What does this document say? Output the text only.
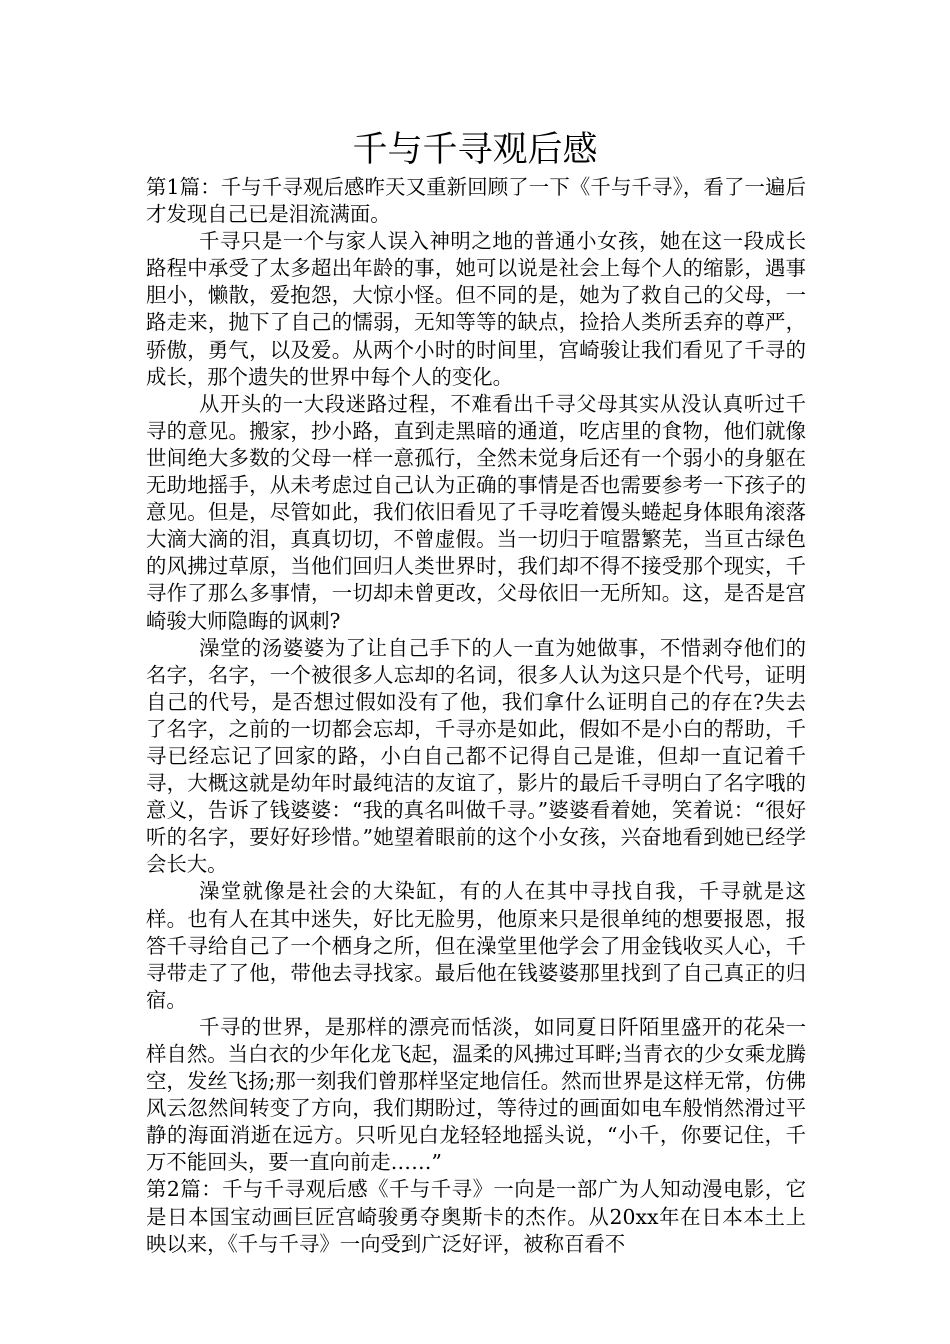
千与千寻观后感

第1篇：千与千寻观后感昨天又重新回顾了一下《千与千寻》，看了一遍后才发现自己已是泪流满面。

千寻只是一个与家人误入神明之地的普通小女孩，她在这一段成长路程中承受了太多超出年龄的事，她可以说是社会上每个人的缩影，遇事胆小，懒散，爱抱怨，大惊小怪。但不同的是，她为了救自己的父母，一路走来，抛下了自己的懦弱，无知等等的缺点，捡拾人类所丢弃的尊严，骄傲，勇气，以及爱。从两个小时的时间里，宫崎骏让我们看见了千寻的成长，那个遗失的世界中每个人的变化。

从开头的一大段迷路过程，不难看出千寻父母其实从没认真听过千寻的意见。搬家，抄小路，直到走黑暗的通道，吃店里的食物，他们就像世间绝大多数的父母一样一意孤行，全然未觉身后还有一个弱小的身躯在无助地摇手，从未考虑过自己认为正确的事情是否也需要参考一下孩子的意见。但是，尽管如此，我们依旧看见了千寻吃着馒头蜷起身体眼角滚落大滴大滴的泪，真真切切，不曾虚假。当一切归于喧嚣繁芜，当亘古绿色的风拂过草原，当他们回归人类世界时，我们却不得不接受那个现实，千寻作了那么多事情，一切却未曾更改，父母依旧一无所知。这，是否是宫崎骏大师隐晦的讽刺?

澡堂的汤婆婆为了让自己手下的人一直为她做事，不惜剥夺他们的名字，名字，一个被很多人忘却的名词，很多人认为这只是个代号，证明自己的代号，是否想过假如没有了他，我们拿什么证明自己的存在?失去了名字，之前的一切都会忘却，千寻亦是如此，假如不是小白的帮助，千寻已经忘记了回家的路，小白自己都不记得自己是谁，但却一直记着千寻，大概这就是幼年时最纯洁的友谊了，影片的最后千寻明白了名字哦的意义，告诉了钱婆婆：“我的真名叫做千寻。”婆婆看着她，笑着说：“很好听的名字，要好好珍惜。”她望着眼前的这个小女孩，兴奋地看到她已经学会长大。

澡堂就像是社会的大染缸，有的人在其中寻找自我，千寻就是这样。也有人在其中迷失，好比无脸男，他原来只是很单纯的想要报恩，报答千寻给自己了一个栖身之所，但在澡堂里他学会了用金钱收买人心，千寻带走了了他，带他去寻找家。最后他在钱婆婆那里找到了自己真正的归宿。

千寻的世界，是那样的漂亮而恬淡，如同夏日阡陌里盛开的花朵一样自然。当白衣的少年化龙飞起，温柔的风拂过耳畔;当青衣的少女乘龙腾空，发丝飞扬;那一刻我们曾那样坚定地信任。然而世界是这样无常，仿佛风云忽然间转变了方向，我们期盼过，等待过的画面如电车般悄然滑过平静的海面消逝在远方。只听见白龙轻轻地摇头说，“小千，你要记住，千万不能回头，要一直向前走……”

第2篇：千与千寻观后感《千与千寻》一向是一部广为人知动漫电影，它是日本国宝动画巨匠宫崎骏勇夺奥斯卡的杰作。从20xx年在日本本土上映以来，《千与千寻》一向受到广泛好评，被称百看不
